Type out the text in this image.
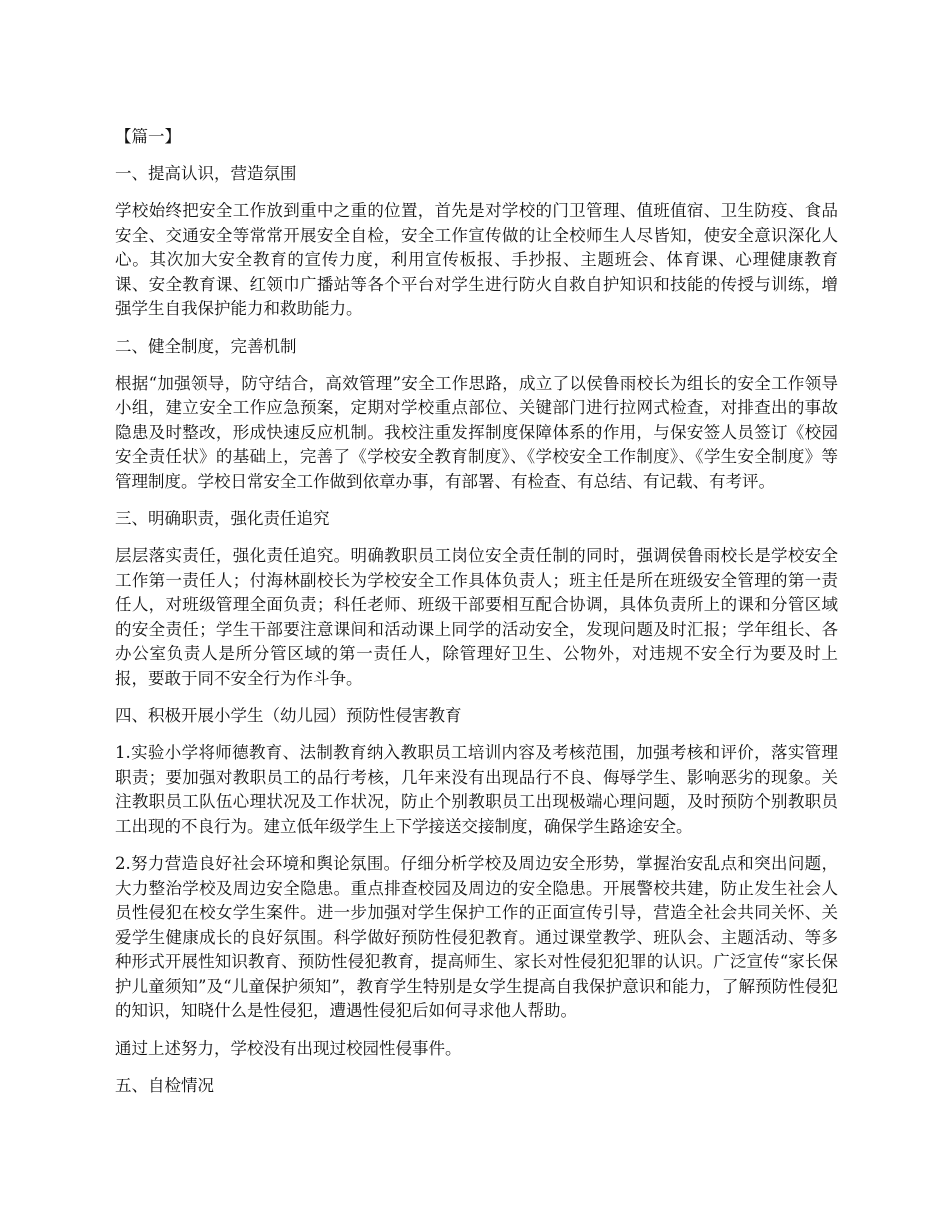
【篇一】

一、提高认识，营造氛围

学校始终把安全工作放到重中之重的位置，首先是对学校的门卫管理、值班值宿、卫生防疫、食品安全、交通安全等常常开展安全自检，安全工作宣传做的让全校师生人尽皆知，使安全意识深化人心。其次加大安全教育的宣传力度，利用宣传板报、手抄报、主题班会、体育课、心理健康教育课、安全教育课、红领巾广播站等各个平台对学生进行防火自救自护知识和技能的传授与训练，增强学生自我保护能力和救助能力。

二、健全制度，完善机制

根据“加强领导，防守结合，高效管理”安全工作思路，成立了以侯鲁雨校长为组长的安全工作领导小组，建立安全工作应急预案，定期对学校重点部位、关键部门进行拉网式检查，对排查出的事故隐患及时整改，形成快速反应机制。我校注重发挥制度保障体系的作用，与保安签人员签订《校园安全责任状》的基础上，完善了《学校安全教育制度》、《学校安全工作制度》、《学生安全制度》等管理制度。学校日常安全工作做到依章办事，有部署、有检查、有总结、有记载、有考评。

三、明确职责，强化责任追究

层层落实责任，强化责任追究。明确教职员工岗位安全责任制的同时，强调侯鲁雨校长是学校安全工作第一责任人；付海林副校长为学校安全工作具体负责人；班主任是所在班级安全管理的第一责任人，对班级管理全面负责；科任老师、班级干部要相互配合协调，具体负责所上的课和分管区域的安全责任；学生干部要注意课间和活动课上同学的活动安全，发现问题及时汇报；学年组长、各办公室负责人是所分管区域的第一责任人，除管理好卫生、公物外，对违规不安全行为要及时上报，要敢于同不安全行为作斗争。

四、积极开展小学生（幼儿园）预防性侵害教育

1.实验小学将师德教育、法制教育纳入教职员工培训内容及考核范围，加强考核和评价，落实管理职责；要加强对教职员工的品行考核，几年来没有出现品行不良、侮辱学生、影响恶劣的现象。关注教职员工队伍心理状况及工作状况，防止个别教职员工出现极端心理问题，及时预防个别教职员工出现的不良行为。建立低年级学生上下学接送交接制度，确保学生路途安全。

2.努力营造良好社会环境和舆论氛围。仔细分析学校及周边安全形势，掌握治安乱点和突出问题，大力整治学校及周边安全隐患。重点排查校园及周边的安全隐患。开展警校共建，防止发生社会人员性侵犯在校女学生案件。进一步加强对学生保护工作的正面宣传引导，营造全社会共同关怀、关爱学生健康成长的良好氛围。科学做好预防性侵犯教育。通过课堂教学、班队会、主题活动、等多种形式开展性知识教育、预防性侵犯教育，提高师生、家长对性侵犯犯罪的认识。广泛宣传“家长保护儿童须知”及“儿童保护须知”，教育学生特别是女学生提高自我保护意识和能力，了解预防性侵犯的知识，知晓什么是性侵犯，遭遇性侵犯后如何寻求他人帮助。

通过上述努力，学校没有出现过校园性侵事件。

五、自检情况
